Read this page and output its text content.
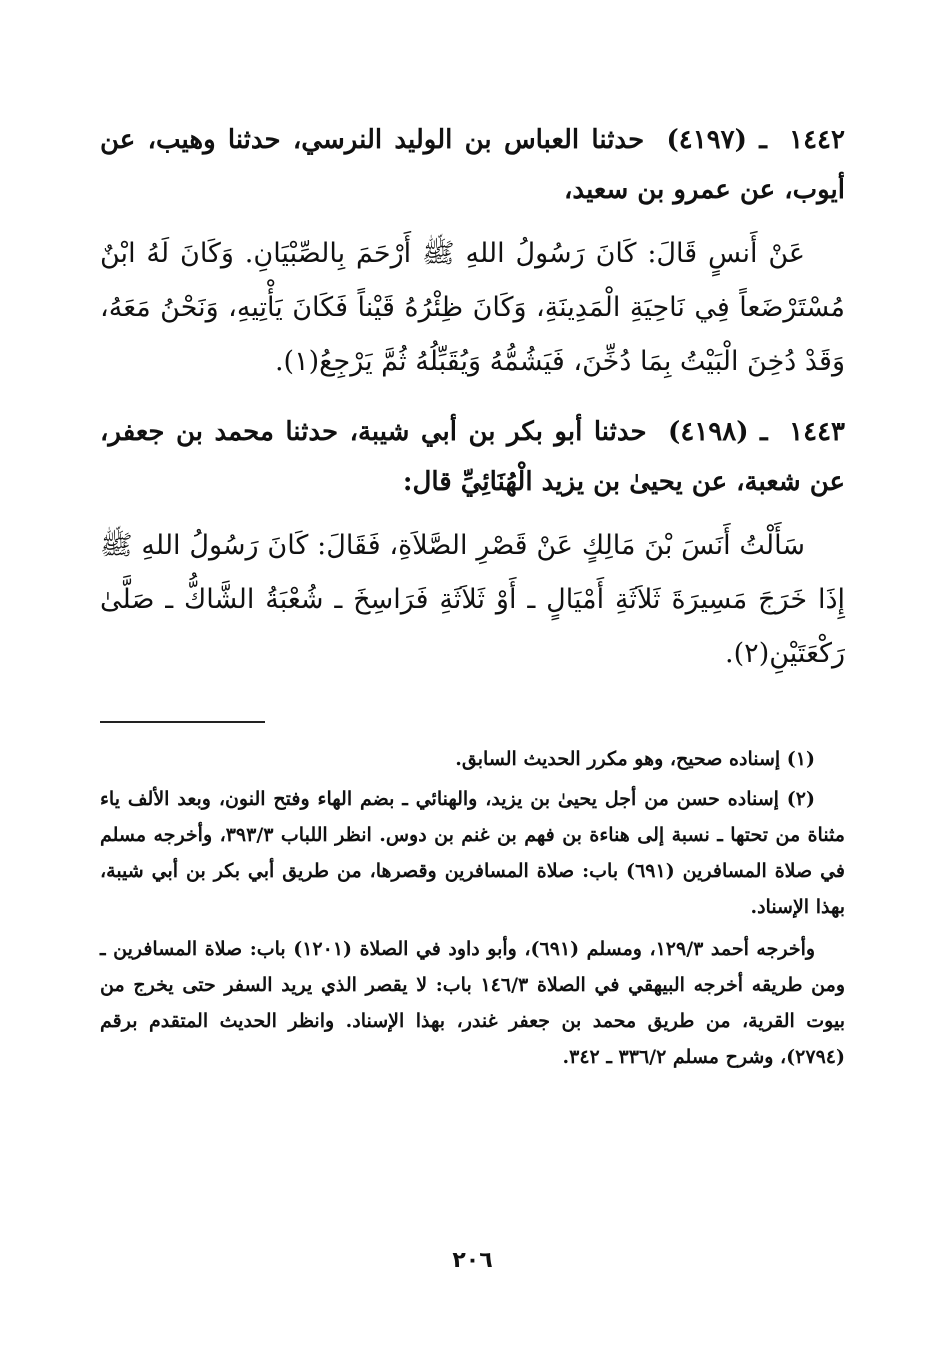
١٤٤٢ ـ (٤١٩٧) حدثنا العباس بن الوليد النرسي، حدثنا وهيب، عن أيوب، عن عمرو بن سعيد،

عَنْ أَنسٍ قَالَ: كَانَ رَسُولُ اللهِ ﷺ أَرْحَمَ بِالصِّبْيَانِ. وَكَانَ لَهُ ابْنٌ مُسْتَرْضَعاً فِي نَاحِيَةِ الْمَدِينَةِ، وَكَانَ ظِئْرُهُ قَيْناً فَكَانَ يَأْتِيهِ، وَنَحْنُ مَعَهُ، وَقَدْ دُخِنَ الْبَيْتُ بِمَا دُخِّنَ، فَيَشُمُّهُ وَيُقَبِّلُهُ ثُمَّ يَرْجِعُ(١).

١٤٤٣ ـ (٤١٩٨) حدثنا أبو بكر بن أبي شيبة، حدثنا محمد بن جعفر، عن شعبة، عن يحيىٰ بن يزيد الْهُنَائِيِّ قال:

سَأَلْتُ أَنَسَ بْنَ مَالِكٍ عَنْ قَصْرِ الصَّلاَةِ، فَقَالَ: كَانَ رَسُولُ اللهِ ﷺ إِذَا خَرَجَ مَسِيرَةَ ثَلاَثَةِ أَمْيَالٍ ـ أَوْ ثَلاَثَةِ فَرَاسِخَ ـ شُعْبَةُ الشَّاكُّ ـ صَلَّىٰ رَكْعَتَيْنِ(٢).

(١) إسناده صحيح، وهو مكرر الحديث السابق.

(٢) إسناده حسن من أجل يحيىٰ بن يزيد، والهنائي ـ بضم الهاء وفتح النون، وبعد الألف ياء مثناة من تحتها ـ نسبة إلى هناءة بن فهم بن غنم بن دوس. انظر اللباب ٣٩٣/٣، وأخرجه مسلم في صلاة المسافرين (٦٩١) باب: صلاة المسافرين وقصرها، من طريق أبي بكر بن أبي شيبة، بهذا الإسناد.

وأخرجه أحمد ١٢٩/٣، ومسلم (٦٩١)، وأبو داود في الصلاة (١٢٠١) باب: صلاة المسافرين ـ ومن طريقه أخرجه البيهقي في الصلاة ١٤٦/٣ باب: لا يقصر الذي يريد السفر حتى يخرج من بيوت القرية، من طريق محمد بن جعفر غندر، بهذا الإسناد. وانظر الحديث المتقدم برقم (٢٧٩٤)، وشرح مسلم ٣٣٦/٢ ـ ٣٤٢.

٢٠٦
